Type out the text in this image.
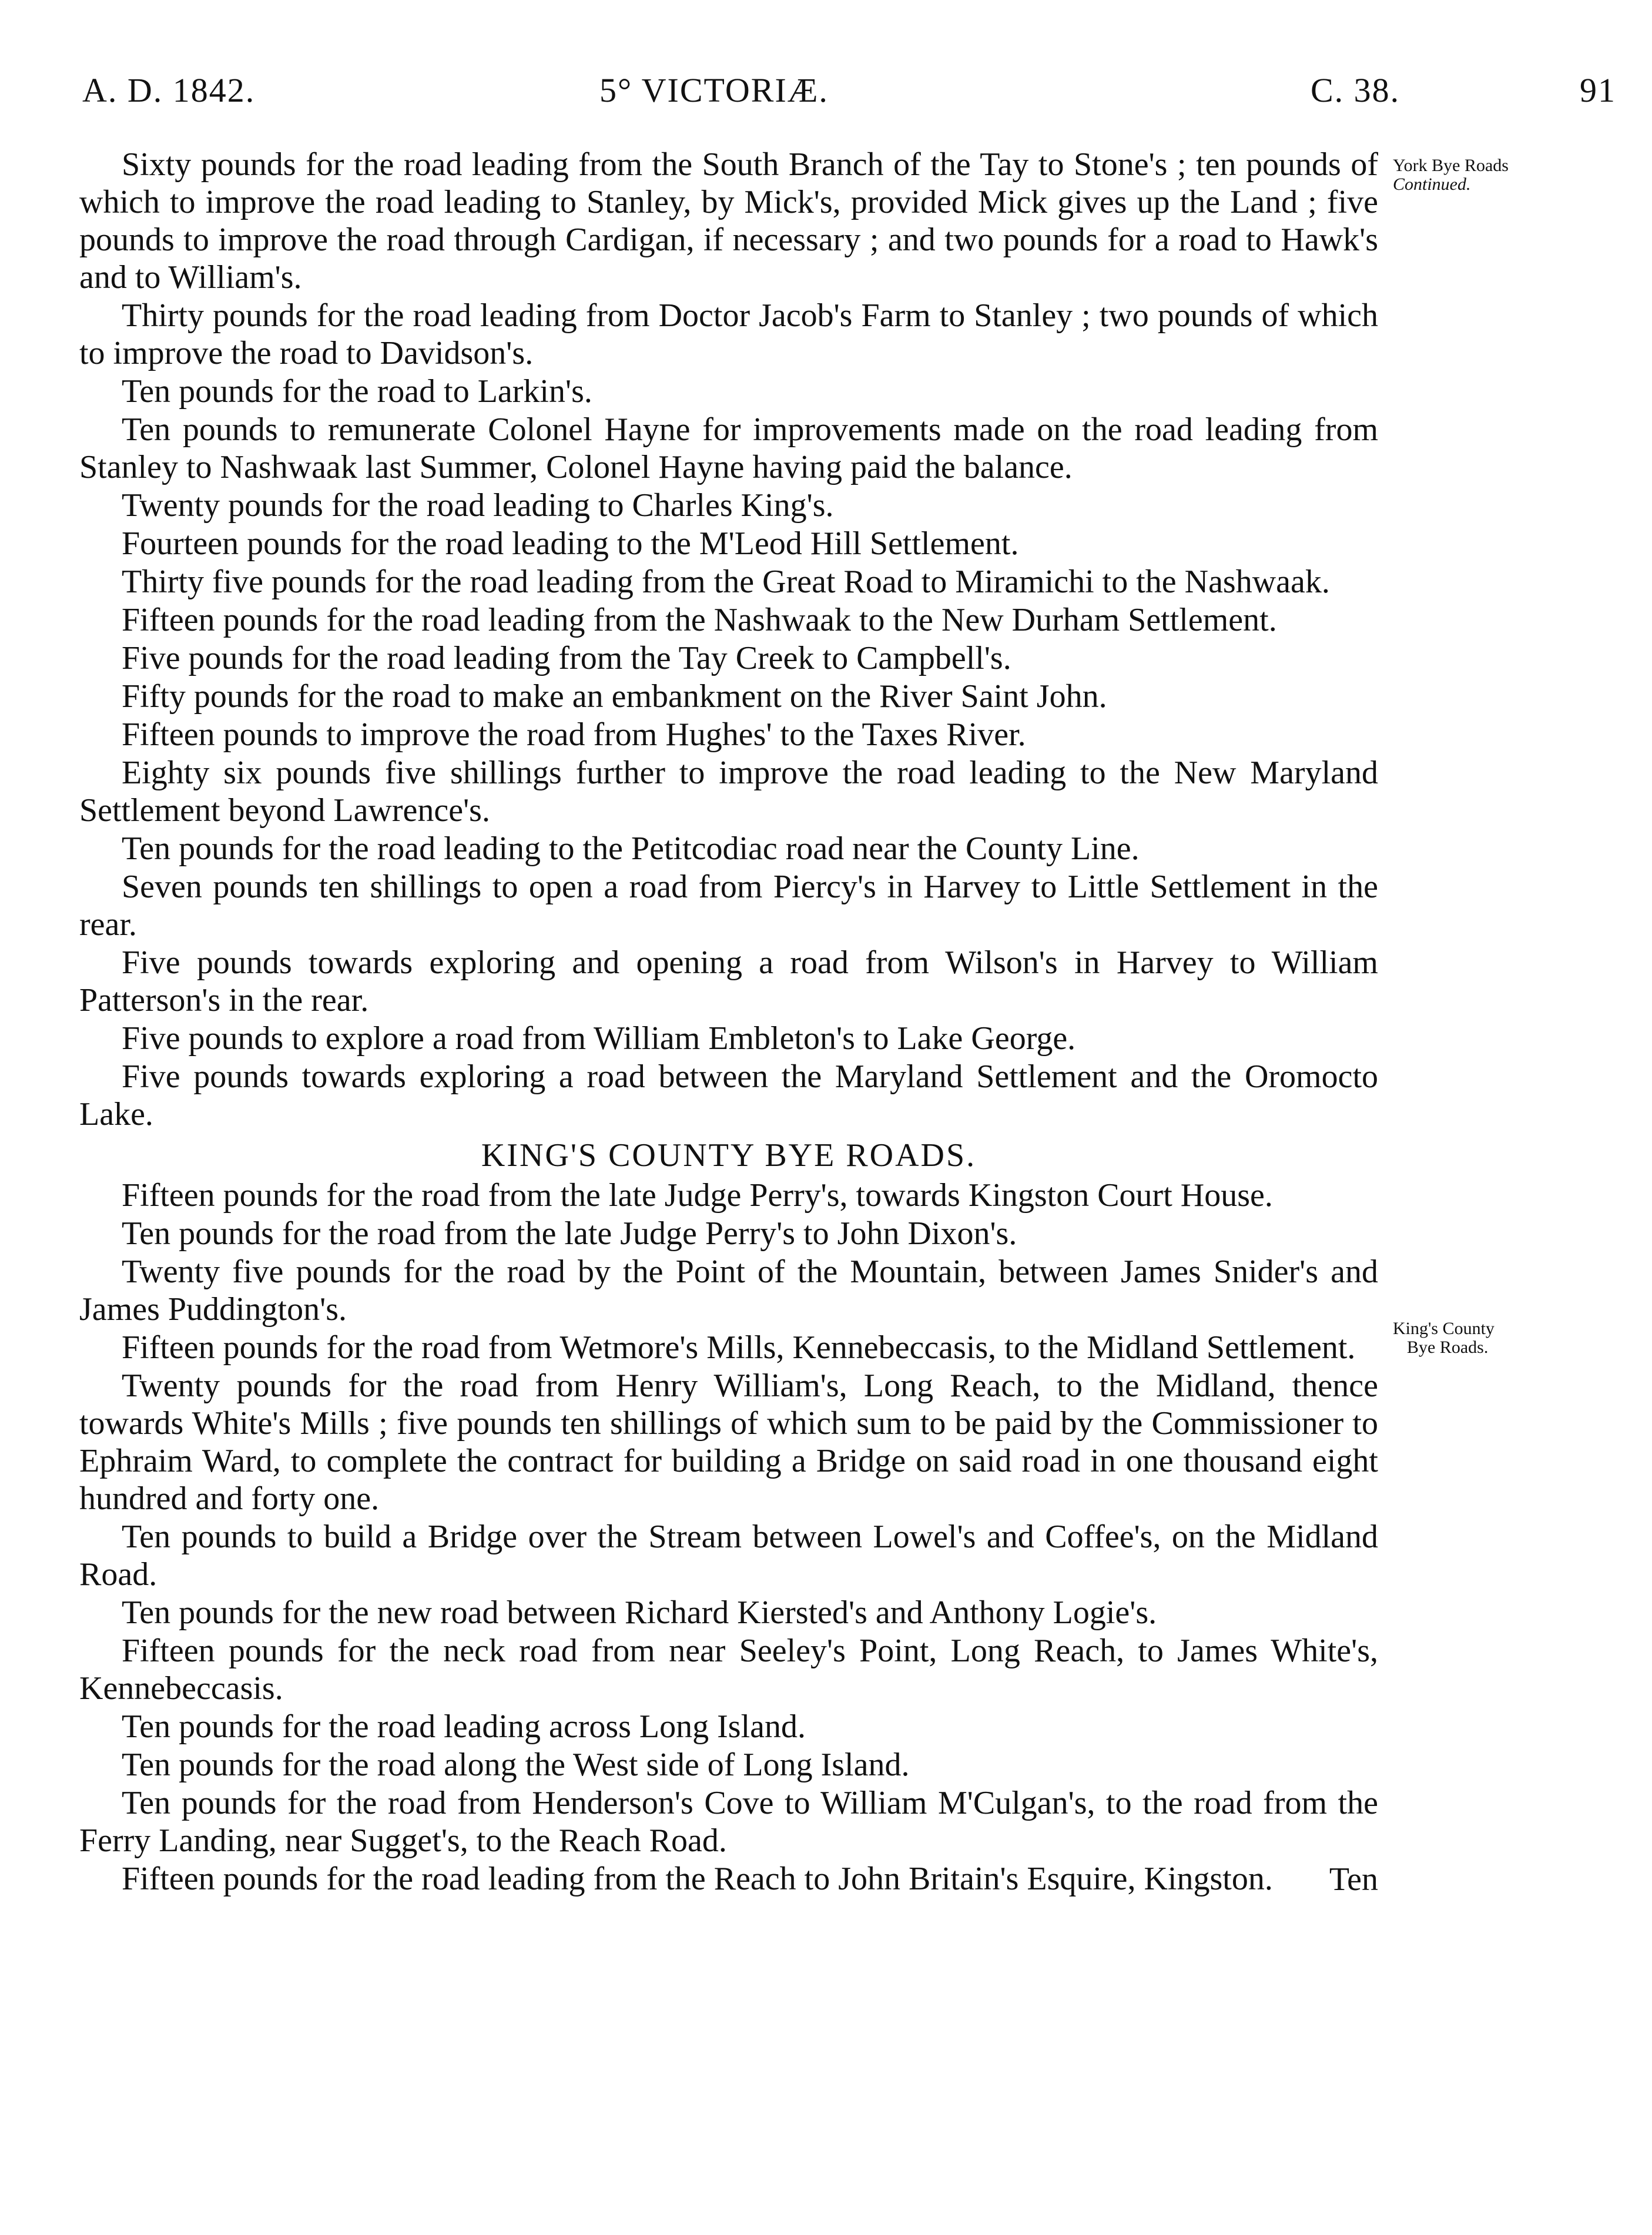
A. D. 1842.	5° VICTORIÆ.	C. 38.	91
York Bye Roads
Continued.
King's County
Bye Roads.

Sixty pounds for the road leading from the South Branch of the Tay to Stone's ; ten pounds of which to improve the road leading to Stanley, by Mick's, provided Mick gives up the Land ; five pounds to improve the road through Cardigan, if necessary ; and two pounds for a road to Hawk's and to William's.

Thirty pounds for the road leading from Doctor Jacob's Farm to Stanley ; two pounds of which to improve the road to Davidson's.

Ten pounds for the road to Larkin's.

Ten pounds to remunerate Colonel Hayne for improvements made on the road leading from Stanley to Nashwaak last Summer, Colonel Hayne having paid the balance.

Twenty pounds for the road leading to Charles King's.

Fourteen pounds for the road leading to the M'Leod Hill Settlement.

Thirty five pounds for the road leading from the Great Road to Miramichi to the Nashwaak.

Fifteen pounds for the road leading from the Nashwaak to the New Durham Settlement.

Five pounds for the road leading from the Tay Creek to Campbell's.

Fifty pounds for the road to make an embankment on the River Saint John.

Fifteen pounds to improve the road from Hughes' to the Taxes River.

Eighty six pounds five shillings further to improve the road leading to the New Maryland Settlement beyond Lawrence's.

Ten pounds for the road leading to the Petitcodiac road near the County Line.

Seven pounds ten shillings to open a road from Piercy's in Harvey to Little Settlement in the rear.

Five pounds towards exploring and opening a road from Wilson's in Harvey to William Patterson's in the rear.

Five pounds to explore a road from William Embleton's to Lake George.

Five pounds towards exploring a road between the Maryland Settlement and the Oromocto Lake.

KING'S COUNTY BYE ROADS.

Fifteen pounds for the road from the late Judge Perry's, towards Kingston Court House.

Ten pounds for the road from the late Judge Perry's to John Dixon's.

Twenty five pounds for the road by the Point of the Mountain, between James Snider's and James Puddington's.

Fifteen pounds for the road from Wetmore's Mills, Kennebeccasis, to the Midland Settlement.

Twenty pounds for the road from Henry William's, Long Reach, to the Midland, thence towards White's Mills ; five pounds ten shillings of which sum to be paid by the Commissioner to Ephraim Ward, to complete the contract for building a Bridge on said road in one thousand eight hundred and forty one.

Ten pounds to build a Bridge over the Stream between Lowel's and Coffee's, on the Midland Road.

Ten pounds for the new road between Richard Kiersted's and Anthony Logie's.

Fifteen pounds for the neck road from near Seeley's Point, Long Reach, to James White's, Kennebeccasis.

Ten pounds for the road leading across Long Island.

Ten pounds for the road along the West side of Long Island.

Ten pounds for the road from Henderson's Cove to William M'Culgan's, to the road from the Ferry Landing, near Sugget's, to the Reach Road.

Fifteen pounds for the road leading from the Reach to John Britain's Esquire, Kingston.	Ten
